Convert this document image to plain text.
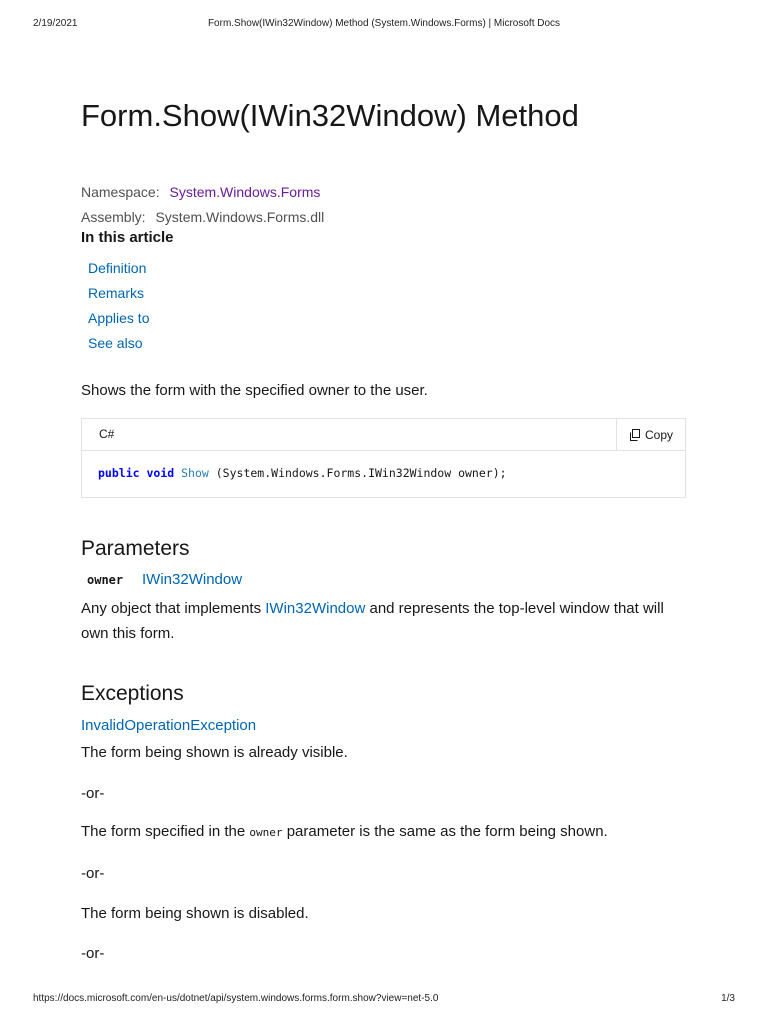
2/19/2021	Form.Show(IWin32Window) Method (System.Windows.Forms) | Microsoft Docs
Form.Show(IWin32Window) Method
Namespace: System.Windows.Forms
Assembly: System.Windows.Forms.dll
In this article
Definition
Remarks
Applies to
See also
Shows the form with the specified owner to the user.
C#	Copy
public void Show (System.Windows.Forms.IWin32Window owner);
Parameters
owner IWin32Window
Any object that implements IWin32Window and represents the top-level window that will own this form.
Exceptions
InvalidOperationException
The form being shown is already visible.
-or-
The form specified in the owner parameter is the same as the form being shown.
-or-
The form being shown is disabled.
-or-
https://docs.microsoft.com/en-us/dotnet/api/system.windows.forms.form.show?view=net-5.0	1/3
